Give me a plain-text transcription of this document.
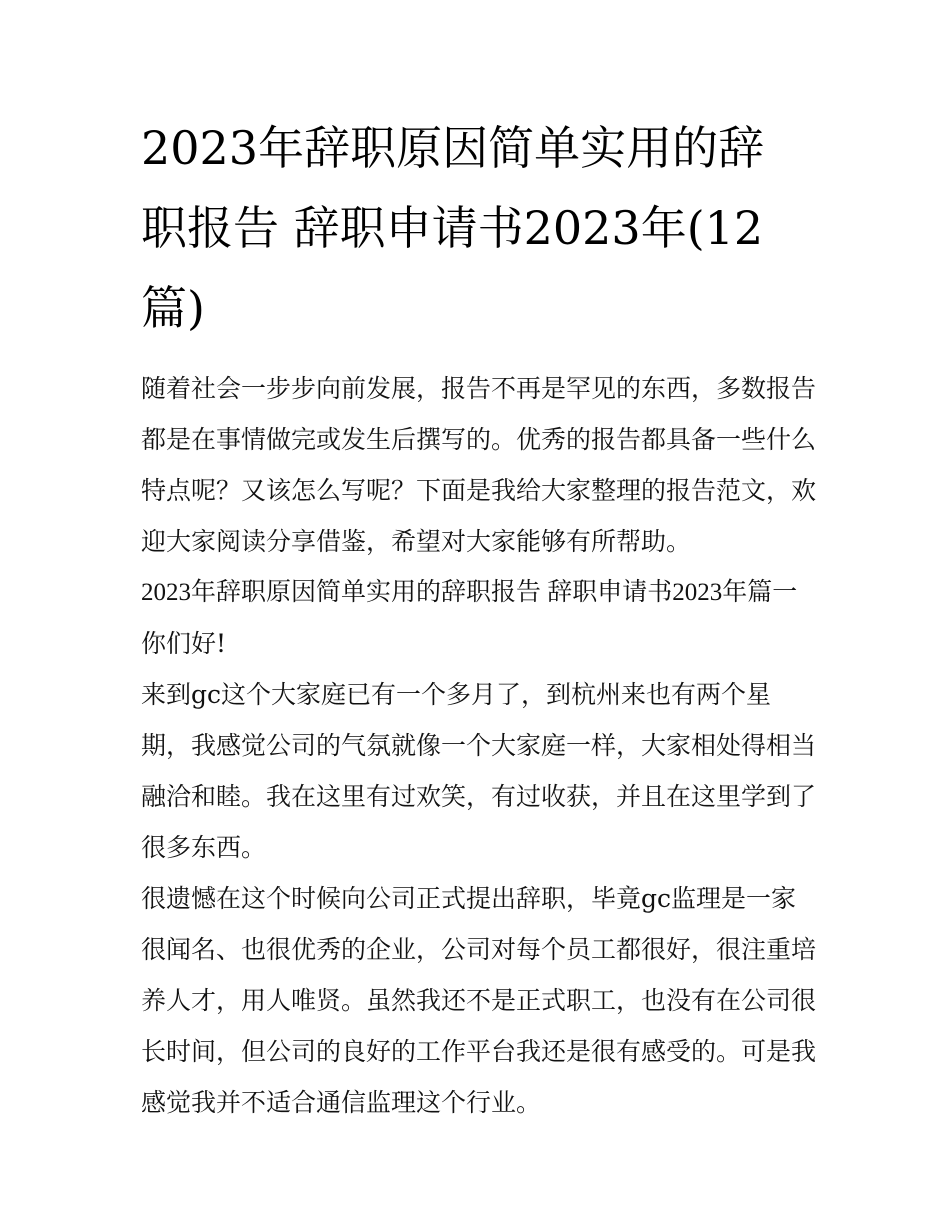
2023年辞职原因简单实用的辞
职报告 辞职申请书2023年(12
篇)

随着社会一步步向前发展，报告不再是罕见的东西，多数报告
都是在事情做完或发生后撰写的。优秀的报告都具备一些什么
特点呢？又该怎么写呢？下面是我给大家整理的报告范文，欢
迎大家阅读分享借鉴，希望对大家能够有所帮助。

2023年辞职原因简单实用的辞职报告 辞职申请书2023年篇一

你们好!

来到gc这个大家庭已有一个多月了，到杭州来也有两个星
期，我感觉公司的气氛就像一个大家庭一样，大家相处得相当
融洽和睦。我在这里有过欢笑，有过收获，并且在这里学到了
很多东西。

很遗憾在这个时候向公司正式提出辞职，毕竟gc监理是一家
很闻名、也很优秀的企业，公司对每个员工都很好，很注重培
养人才，用人唯贤。虽然我还不是正式职工，也没有在公司很
长时间，但公司的良好的工作平台我还是很有感受的。可是我
感觉我并不适合通信监理这个行业。
